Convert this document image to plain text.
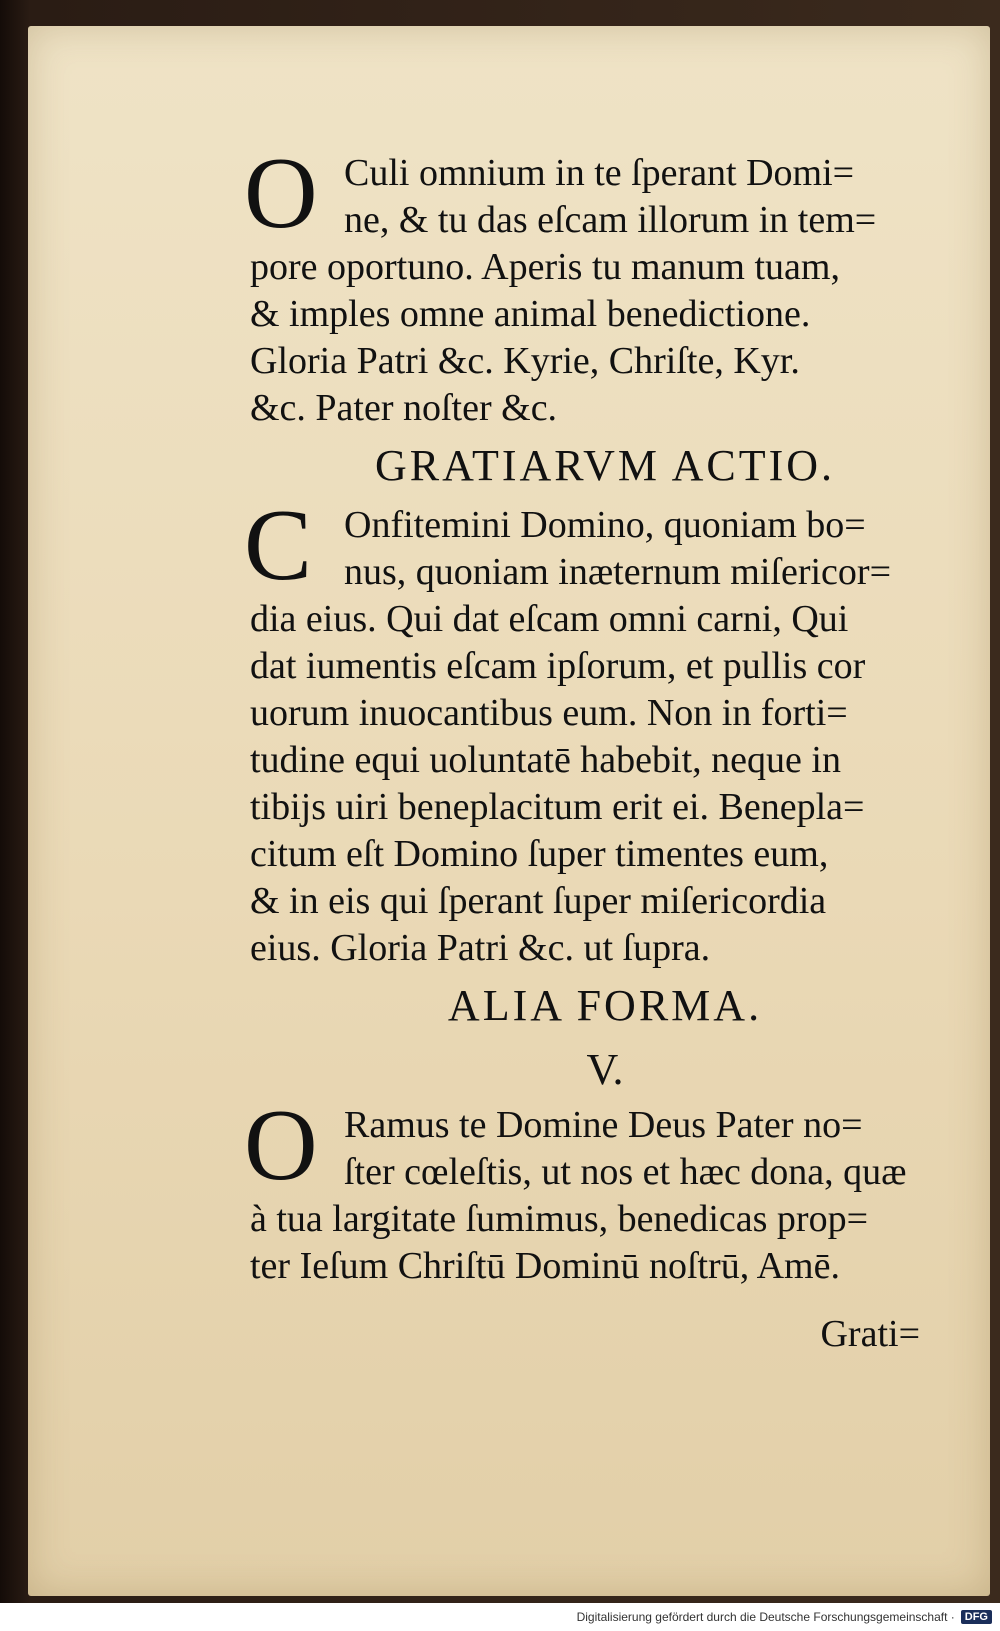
O Culi omnium in te ſperant Domi=
ne, & tu das eſcam illorum in tem=
pore oportuno. Aperis tu manum tuam,
& imples omne animal benedictione.
Gloria Patri &c. Kyrie, Chriſte, Kyr.
&c. Pater noſter &c.
GRATIARVM ACTIO.
C Onfitemini Domino, quoniam bo=
nus, quoniam inæternum miſericor=
dia eius. Qui dat eſcam omni carni, Qui
dat iumentis eſcam ipſorum, et pullis cor
uorum inuocantibus eum. Non in forti=
tudine equi uoluntatē habebit, neque in
tibijs uiri beneplacitum erit ei. Benepla=
citum eſt Domino ſuper timentes eum,
& in eis qui ſperant ſuper miſericordia
eius. Gloria Patri &c. ut ſupra.
ALIA FORMA.
V.
O Ramus te Domine Deus Pater no=
ſter cœleſtis, ut nos et hæc dona, quæ
à tua largitate ſumimus, benedicas prop=
ter Ieſum Chriſtū Dominū noſtrū, Amē.
Grati=
Digitalisierung gefördert durch die Deutsche Forschungsgemeinschaft · DFG
